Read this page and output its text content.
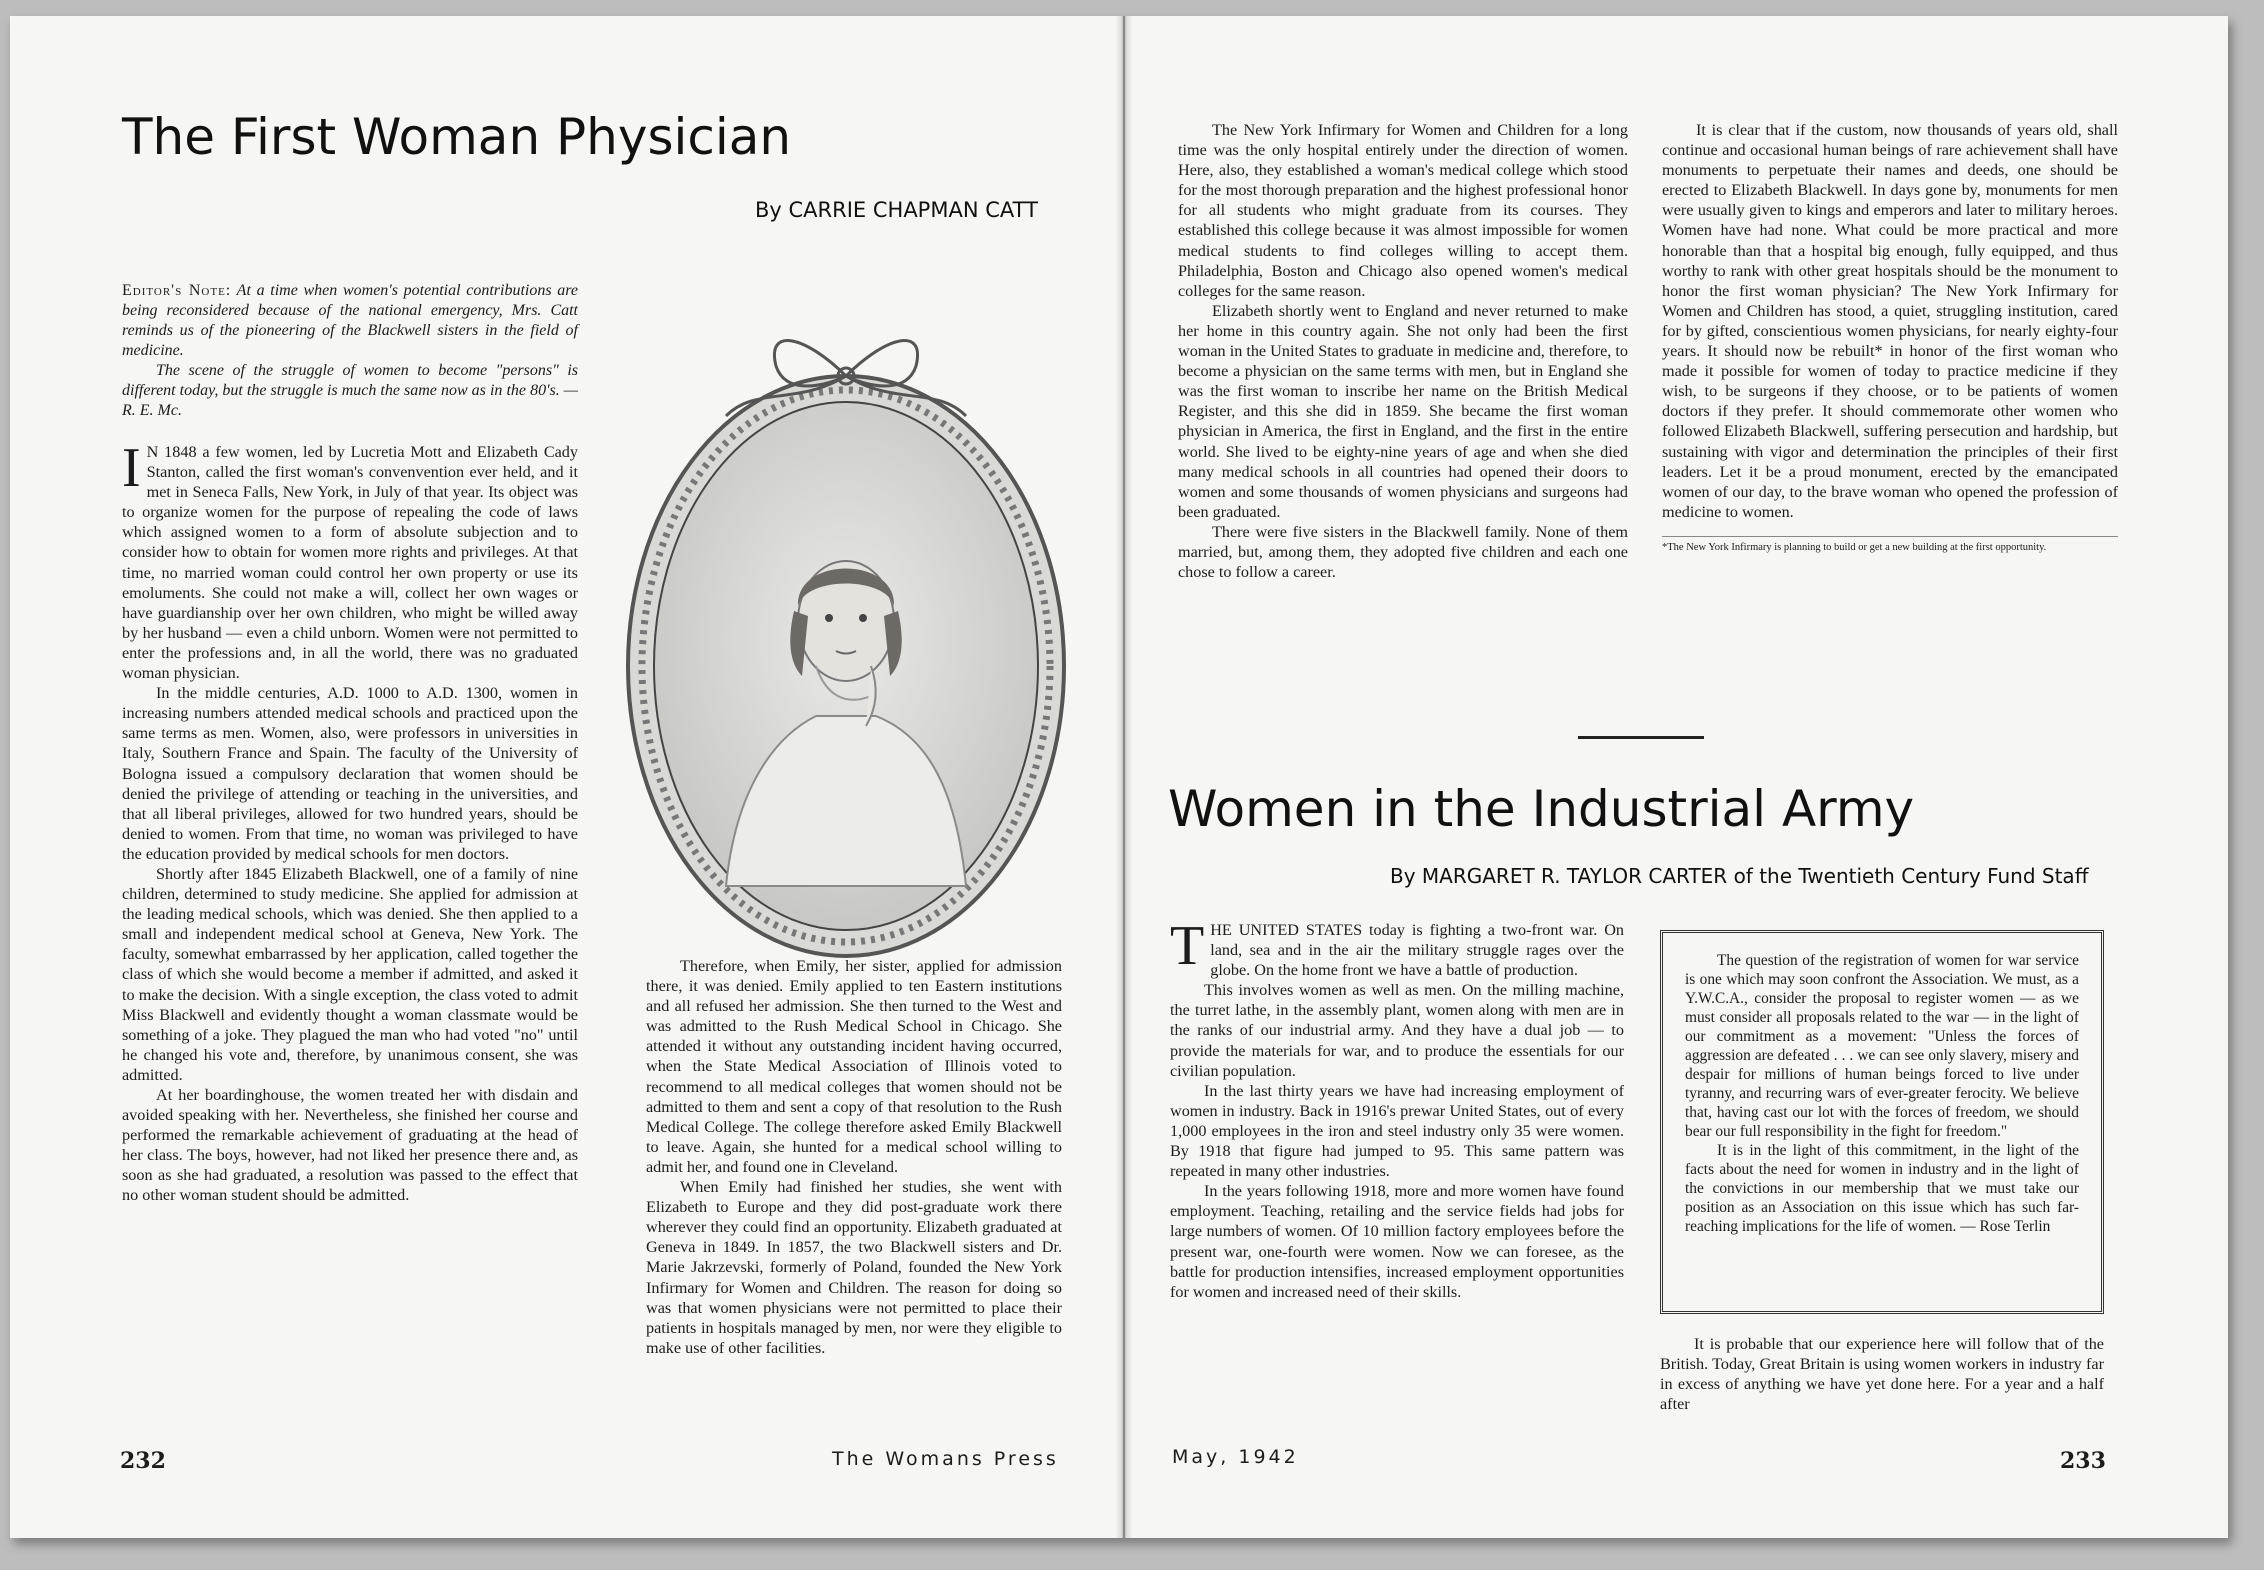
The First Woman Physician
By CARRIE CHAPMAN CATT
Editor's Note: At a time when women's potential contributions are being reconsidered because of the national emergency, Mrs. Catt reminds us of the pioneering of the Blackwell sisters in the field of medicine.
The scene of the struggle of women to become "persons" is different today, but the struggle is much the same now as in the 80's. — R. E. Mc.

I N 1848 a few women, led by Lucretia Mott and Elizabeth Cady Stanton, called the first woman's convenvention ever held, and it met in Seneca Falls, New York, in July of that year. Its object was to organize women for the purpose of repealing the code of laws which assigned women to a form of absolute subjection and to consider how to obtain for women more rights and privileges. At that time, no married woman could control her own property or use its emoluments. She could not make a will, collect her own wages or have guardianship over her own children, who might be willed away by her husband — even a child unborn. Women were not permitted to enter the professions and, in all the world, there was no graduated woman physician.

In the middle centuries, A.D. 1000 to A.D. 1300, women in increasing numbers attended medical schools and practiced upon the same terms as men. Women, also, were professors in universities in Italy, Southern France and Spain. The faculty of the University of Bologna issued a compulsory declaration that women should be denied the privilege of attending or teaching in the universities, and that all liberal privileges, allowed for two hundred years, should be denied to women. From that time, no woman was privileged to have the education provided by medical schools for men doctors.

Shortly after 1845 Elizabeth Blackwell, one of a family of nine children, determined to study medicine. She applied for admission at the leading medical schools, which was denied. She then applied to a small and independent medical school at Geneva, New York. The faculty, somewhat embarrassed by her application, called together the class of which she would become a member if admitted, and asked it to make the decision. With a single exception, the class voted to admit Miss Blackwell and evidently thought a woman classmate would be something of a joke. They plagued the man who had voted "no" until he changed his vote and, therefore, by unanimous consent, she was admitted.

At her boardinghouse, the women treated her with disdain and avoided speaking with her. Nevertheless, she finished her course and performed the remarkable achievement of graduating at the head of her class. The boys, however, had not liked her presence there and, as soon as she had graduated, a resolution was passed to the effect that no other woman student should be admitted.

Therefore, when Emily, her sister, applied for admission there, it was denied. Emily applied to ten Eastern institutions and all refused her admission. She then turned to the West and was admitted to the Rush Medical School in Chicago. She attended it without any outstanding incident having occurred, when the State Medical Association of Illinois voted to recommend to all medical colleges that women should not be admitted to them and sent a copy of that resolution to the Rush Medical College. The college therefore asked Emily Blackwell to leave. Again, she hunted for a medical school willing to admit her, and found one in Cleveland.

When Emily had finished her studies, she went with Elizabeth to Europe and they did post-graduate work there wherever they could find an opportunity. Elizabeth graduated at Geneva in 1849. In 1857, the two Blackwell sisters and Dr. Marie Jakrzevski, formerly of Poland, founded the New York Infirmary for Women and Children. The reason for doing so was that women physicians were not permitted to place their patients in hospitals managed by men, nor were they eligible to make use of other facilities.

232	The Womans Press

The New York Infirmary for Women and Children for a long time was the only hospital entirely under the direction of women. Here, also, they established a woman's medical college which stood for the most thorough preparation and the highest professional honor for all students who might graduate from its courses. They established this college because it was almost impossible for women medical students to find colleges willing to accept them. Philadelphia, Boston and Chicago also opened women's medical colleges for the same reason.

Elizabeth shortly went to England and never returned to make her home in this country again. She not only had been the first woman in the United States to graduate in medicine and, therefore, to become a physician on the same terms with men, but in England she was the first woman to inscribe her name on the British Medical Register, and this she did in 1859. She became the first woman physician in America, the first in England, and the first in the entire world. She lived to be eighty-nine years of age and when she died many medical schools in all countries had opened their doors to women and some thousands of women physicians and surgeons had been graduated.

There were five sisters in the Blackwell family. None of them married, but, among them, they adopted five children and each one chose to follow a career.

It is clear that if the custom, now thousands of years old, shall continue and occasional human beings of rare achievement shall have monuments to perpetuate their names and deeds, one should be erected to Elizabeth Blackwell. In days gone by, monuments for men were usually given to kings and emperors and later to military heroes. Women have had none. What could be more practical and more honorable than that a hospital big enough, fully equipped, and thus worthy to rank with other great hospitals should be the monument to honor the first woman physician? The New York Infirmary for Women and Children has stood, a quiet, struggling institution, cared for by gifted, conscientious women physicians, for nearly eighty-four years. It should now be rebuilt* in honor of the first woman who made it possible for women of today to practice medicine if they wish, to be surgeons if they choose, or to be patients of women doctors if they prefer. It should commemorate other women who followed Elizabeth Blackwell, suffering persecution and hardship, but sustaining with vigor and determination the principles of their first leaders. Let it be a proud monument, erected by the emancipated women of our day, to the brave woman who opened the profession of medicine to women.

*The New York Infirmary is planning to build or get a new building at the first opportunity.
Women in the Industrial Army
By MARGARET R. TAYLOR CARTER of the Twentieth Century Fund Staff

THE UNITED STATES today is fighting a two-front war. On land, sea and in the air the military struggle rages over the globe. On the home front we have a battle of production.

This involves women as well as men. On the milling machine, the turret lathe, in the assembly plant, women along with men are in the ranks of our industrial army. And they have a dual job — to provide the materials for war, and to produce the essentials for our civilian population.

In the last thirty years we have had increasing employment of women in industry. Back in 1916's prewar United States, out of every 1,000 employees in the iron and steel industry only 35 were women. By 1918 that figure had jumped to 95. This same pattern was repeated in many other industries.

In the years following 1918, more and more women have found employment. Teaching, retailing and the service fields had jobs for large numbers of women. Of 10 million factory employees before the present war, one-fourth were women. Now we can foresee, as the battle for production intensifies, increased employment opportunities for women and increased need of their skills.

The question of the registration of women for war service is one which may soon confront the Association. We must, as a Y.W.C.A., consider the proposal to register women — as we must consider all proposals related to the war — in the light of our commitment as a movement: "Unless the forces of aggression are defeated . . . we can see only slavery, misery and despair for millions of human beings forced to live under tyranny, and recurring wars of ever-greater ferocity. We believe that, having cast our lot with the forces of freedom, we should bear our full responsibility in the fight for freedom."

It is in the light of this commitment, in the light of the facts about the need for women in industry and in the light of the convictions in our membership that we must take our position as an Association on this issue which has such far-reaching implications for the life of women. — Rose Terlin

It is probable that our experience here will follow that of the British. Today, Great Britain is using women workers in industry far in excess of anything we have yet done here. For a year and a half after

May, 1942	233
